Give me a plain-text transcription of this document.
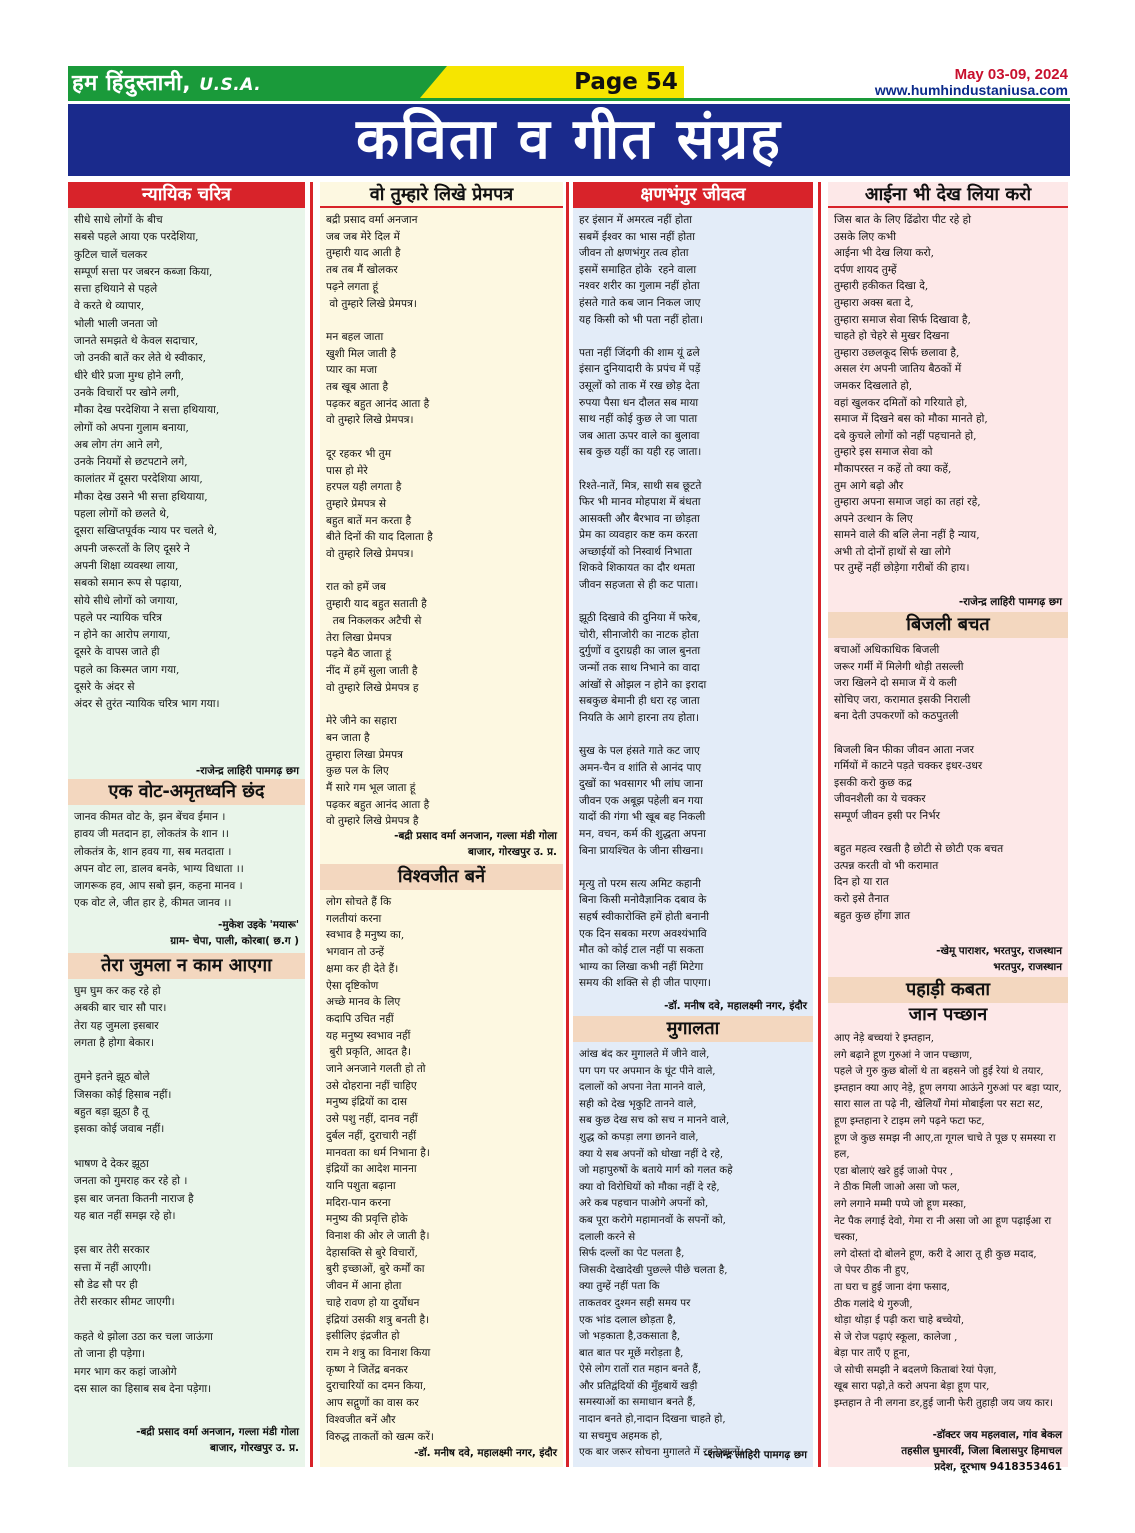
हम हिंदुस्तानी, U.S.A.	Page 54	May 03-09, 2024
www.humhindustaniusa.com
कविता व गीत संग्रह
न्यायिक चरित्र
सीधे साधे लोगों के बीच
सबसे पहले आया एक परदेशिया,
कुटिल चालें चलकर
सम्पूर्ण सत्ता पर जबरन कब्जा किया,
सत्ता हथियाने से पहले
वे करते थे व्यापार,
भोली भाली जनता जो
जानते समझते थे केवल सदाचार,
जो उनकी बातें कर लेते थे स्वीकार,
धीरे धीरे प्रजा मुग्ध होने लगी,
उनके विचारों पर खोने लगी,
मौका देख परदेशिया ने सत्ता हथियाया,
लोगों को अपना गुलाम बनाया,
अब लोग तंग आने लगे,
उनके नियमों से छटपटाने लगे,
कालांतर में दूसरा परदेशिया आया,
मौका देख उसने भी सत्ता हथियाया,
पहला लोगों को छलते थे,
दूसरा सखिप्तपूर्वक न्याय पर चलते थे,
अपनी जरूरतों के लिए दूसरे ने
अपनी शिक्षा व्यवस्था लाया,
सबको समान रूप से पढ़ाया,
सोये सीधे लोगों को जगाया,
पहले पर न्यायिक चरित्र
न होने का आरोप लगाया,
दूसरे के वापस जाते ही
पहले का किस्मत जाग गया,
दूसरे के अंदर से
अंदर से तुरंत न्यायिक चरित्र भाग गया।
-राजेन्द्र लाहिरी पामगढ़ छग
एक वोट-अमृतध्वनि छंद
जानव कीमत वोट के, झन बेंचव ईमान ।
हावय जी मतदान हा, लोकतंत्र के शान ।।
लोकतंत्र के, शान हवय गा, सब मतदाता ।
अपन वोट ला, डालव बनके, भाग्य विधाता ।।
जागरूक हव, आप सबो झन, कहना मानव ।
एक वोट ले, जीत हार हे, कीमत जानव ।।
-मुकेश उइके 'मयारू'
ग्राम- चेपा, पाली, कोरबा( छ.ग )
तेरा जुमला न काम आएगा
घुम घुम कर कह रहे हो
अबकी बार चार सौ पार।
तेरा यह जुमला इसबार
लगता है होगा बेकार।

तुमने इतने झूठ बोले
जिसका कोई हिसाब नहीं।
बहुत बड़ा झूठा है तू
इसका कोई जवाब नहीं।

भाषण दे देकर झूठा
जनता को गुमराह कर रहे हो ।
इस बार जनता कितनी नाराज है
यह बात नहीं समझ रहे हो।

इस बार तेरी सरकार
सत्ता में नहीं आएगी।
सौ डेढ सौ पर ही
तेरी सरकार सीमट जाएगी।

कहते थे झोला उठा कर चला जाऊंगा
तो जाना ही पड़ेगा।
मगर भाग कर कहां जाओगे
दस साल का हिसाब सब देना पड़ेगा।
-बद्री प्रसाद वर्मा अनजान, गल्ला मंडी गोला
बाजार, गोरखपुर उ. प्र.
वो तुम्हारे लिखे प्रेमपत्र
बद्री प्रसाद वर्मा अनजान
जब जब मेरे दिल में
तुम्हारी याद आती है
तब तब मैं खोलकर
पढ़ने लगता हूं
वो तुम्हारे लिखे प्रेमपत्र।

मन बहल जाता
खुशी मिल जाती है
प्यार का मजा
तब खूब आता है
पढ़कर बहुत आनंद आता है
वो तुम्हारे लिखे प्रेमपत्र।

दूर रहकर भी तुम
पास हो मेरे
हरपल यही लगता है
तुम्हारे प्रेमपत्र से
बहुत बातें मन करता है
बीते दिनों की याद दिलाता है
वो तुम्हारे लिखे प्रेमपत्र।

रात को हमें जब
तुम्हारी याद बहुत सताती है
तब निकलकर अटैची से
तेरा लिखा प्रेमपत्र
पढ़ने बैठ जाता हूं
नींद में हमें सुला जाती है
वो तुम्हारे लिखे प्रेमपत्र ह

मेरे जीने का सहारा
बन जाता है
तुम्हारा लिखा प्रेमपत्र
कुछ पल के लिए
मैं सारे गम भूल जाता हूं
पढ़कर बहुत आनंद आता है
वो तुम्हारे लिखे प्रेमपत्र है
-बद्री प्रसाद वर्मा अनजान, गल्ला मंडी गोला
बाजार, गोरखपुर उ. प्र.
विश्वजीत बनें
लोग सोचते हैं कि
गलतीयां करना
स्वभाव है मनुष्य का,
भगवान तो उन्हें
क्षमा कर ही देते हैं।
ऐसा दृष्टिकोण
अच्छे मानव के लिए
कदापि उचित नहीं
यह मनुष्य स्वभाव नहीं
बुरी प्रकृति, आदत है।
जाने अनजाने गलती हो तो
उसे दोहराना नहीं चाहिए
मनुष्य इंद्रियों का दास
उसे पशु नहीं, दानव नहीं
दुर्बल नहीं, दुराचारी नहीं
मानवता का धर्म निभाना है।
इंद्रियों का आदेश मानना
यानि पशुता बढ़ाना
मदिरा-पान करना
मनुष्य की प्रवृत्ति होके
विनाश की ओर ले जाती है।
देहासक्ति से बुरे विचारों,
बुरी इच्छाओं, बुरे कर्मों का
जीवन में आना होता
चाहे रावण हो या दुर्योधन
इंद्रियां उसकी शत्रु बनती है।
इसीलिए इंद्रजीत हो
राम ने शत्रु का विनाश किया
कृष्ण ने जितेंद्र बनकर
दुराचारियों का दमन किया,
आप सद्गुणों का वास कर
विश्वजीत बनें और
विरुद्ध ताकतों को खत्म करें।
-डॉ. मनीष दवे, महालक्ष्मी नगर, इंदौर
क्षणभंगुर जीवत्व
हर इंसान में अमरत्व नहीं होता
सबमें ईश्वर का भास नहीं होता
जीवन तो क्षणभंगुर तत्व होता
इसमें समाहित होके  रहने वाला
नश्वर शरीर का गुलाम नहीं होता
हंसते गाते कब जान निकल जाए
यह किसी को भी पता नहीं होता।

पता नहीं जिंदगी की शाम यूं ढले
इंसान दुनियादारी के प्रपंच में पड़ें
उसूलों को ताक में रख छोड़ देता
रुपया पैसा धन दौलत सब माया
साथ नहीं कोई कुछ ले जा पाता
जब आता ऊपर वाले का बुलावा
सब कुछ यहीं का यही रह जाता।

रिश्ते-नातें, मित्र, साथी सब छूटते
फिर भी मानव मोहपाश में बंधता
आसक्ती और बैरभाव ना छोड़ता
प्रेम का व्यवहार कष्ट कम करता
अच्छाईयों को निस्वार्थ निभाता
शिकवे शिकायत का दौर थमता
जीवन सहजता से ही कट पाता।

झूठी दिखावे की दुनिया में फरेब,
चोरी, सीनाजोरी का नाटक होता
दुर्गुणों व दुराग्रही का जाल बुनता
जन्मों तक साथ निभाने का वादा
आंखों से ओझल न होने का इरादा
सबकुछ बेमानी ही धरा रह जाता
नियति के आगे हारना तय होता।

सुख के पल हंसते गाते कट जाए
अमन-चैन व शांति से आनंद पाए
दुखों का भवसागर भी लांघ जाना
जीवन एक अबूझ पहेली बन गया
यादों की गंगा भी खूब बह निकली
मन, वचन, कर्म की शुद्धता अपना
बिना प्रायश्चित के जीना सीखना।

मृत्यु तो परम सत्य अमिट कहानी
बिना किसी मनोवैज्ञानिक दबाव के
सहर्ष स्वीकारोक्ति हमें होती बनानी
एक दिन सबका मरण अवश्यंभावि
मौत को कोई टाल नहीं पा सकता
भाग्य का लिखा कभी नहीं मिटेगा
समय की शक्ति से ही जीत पाएगा।
-डॉ. मनीष दवे, महालक्ष्मी नगर, इंदौर
मुगालता
आंख बंद कर मुगालते में जीने वाले,
पग पग पर अपमान के घूंट पीने वाले,
दलालों को अपना नेता मानने वाले,
सही को देख भृकुटि तानने वाले,
सब कुछ देख सच को सच न मानने वाले,
शुद्ध को कपड़ा लगा छानने वाले,
क्या ये सब अपनों को धोखा नहीं दे रहे,
जो महापुरुषों के बताये मार्ग को गलत कहे
क्या वो विरोधियों को मौका नहीं दे रहे,
अरे कब पहचान पाओगे अपनों को,
कब पूरा करोगे महामानवों के सपनों को,
दलाली करने से
सिर्फ दल्लों का पेट पलता है,
जिसकी देखादेखी पुछल्ले पीछे चलता है,
क्या तुम्हें नहीं पता कि
ताकतवर दुश्मन सही समय पर
एक भांड दलाल छोड़ता है,
जो भड़काता है,उकसाता है,
बात बात पर मूछें मरोड़ता है,
ऐसे लोग रातों रात महान बनते हैं,
और प्रतिद्वंदियों की मुँहबायें खड़ी
समस्याओं का समाधान बनते हैं,
नादान बनते हो,नादान दिखना चाहते हो,
या सचमुच अहमक हो,
एक बार जरूर सोचना मुगालते में रहने वालों।
-राजेन्द्र लाहिरी पामगढ़ छग
आईना भी देख लिया करो
जिस बात के लिए ढिंढोरा पीट रहे हो
उसके लिए कभी
आईना भी देख लिया करो,
दर्पण शायद तुम्हें
तुम्हारी हकीकत दिखा दे,
तुम्हारा अक्स बता दे,
तुम्हारा समाज सेवा सिर्फ दिखावा है,
चाहते हो चेहरे से मुखर दिखना
तुम्हारा उछलकूद सिर्फ छलावा है,
असल रंग अपनी जातिय बैठकों में
जमकर दिखलाते हो,
वहां खुलकर दमितों को गरियाते हो,
समाज में दिखने बस को मौका मानते हो,
दबे कुचले लोगों को नहीं पहचानते हो,
तुम्हारे इस समाज सेवा को
मौकापरस्त न कहें तो क्या कहें,
तुम आगे बढ़ो और
तुम्हारा अपना समाज जहां का तहां रहे,
अपने उत्थान के लिए
सामने वाले की बलि लेना नहीं है न्याय,
अभी तो दोनों हाथों से खा लोगे
पर तुम्हें नहीं छोड़ेगा गरीबों की हाय।
-राजेन्द्र लाहिरी पामगढ़ छग
बिजली बचत
बचाओं अधिकाधिक बिजली
जरूर गर्मी में मिलेगी थोड़ी तसल्ली
जरा खिलने दो समाज में ये कली
सोचिए जरा, करामात इसकी निराली
बना देती उपकरणों को कठपुतली

बिजली बिन फीका जीवन आता नजर
गर्मियों में काटने पड़ते चक्कर इधर-उधर
इसकी करो कुछ कद्र
जीवनशैली का ये चक्कर
सम्पूर्ण जीवन इसी पर निर्भर

बहुत महत्व रखती है छोटी से छोटी एक बचत
उत्पन्न करती वो भी करामात
दिन हो या रात
करो इसे तैनात
बहुत कुछ होंगा ज्ञात
-खेमू पाराशर, भरतपुर, राजस्थान
भरतपुर, राजस्थान
पहाड़ी कबता
जान पच्छान
आए नेड़े बच्चयां रे इम्तहान,
लगे बढ़ाने हूण गुरुआं ने जान पच्छाण,
पहले जे गुरु कुछ बोलों थे ता बहसने जो हुई रेयां थे तयार,
इम्तहान क्या आए नेड़े, हूण लगया आऊंने गुरुआं पर बड़ा प्यार,
सारा साल ता पढ़े नी, खेलियाँ गेमां मोबाईला पर सटा सट,
हूण इम्तहाना रे टाइम लगे पढ़ने फटा फट,
हूण जे कुछ समझ नी आए,ता गूगल चाचे ते पूछ ए समस्या रा हल,
एडा बोलाएं खरे हुई जाओ पेपर ,
ने ठीक मिली जाओ असा जो फल,
लगे लगाने मम्मी पप्पे जो हूण मस्का,
नेट पैक लगाई देवो, गेमा रा नी असा जो आ हूण पढ़ाईआ रा चस्का,
लगे दोस्तां दो बोलने हूण, करी दे आरा तू ही कुछ मदाद,
जे पेपर ठीक नी हुए,
ता घरा च हुई जाना दंगा फसाद,
ठीक गलांदे थे गुरुजी,
थोड़ा थोड़ा ई पढ़ी करा चाहे बच्चेयो,
से जे रोज पढ़ाएं स्कूला, कालेजा ,
बेड़ा पार ताएँ ए हूना,
जे सोची समझी ने बदलणे किताबां रेयां पेज़ा,
खूब सारा पढ़ो,ते करो अपना बेड़ा हूण पार,
इम्तहान ते नी लगना डर,हुई जानी फेरी तुहाड़ी जय जय कार।
-डॉक्टर जय महलवाल, गांव बेकल
तहसील घुमारवीं, जिला बिलासपुर हिमाचल
प्रदेश, दूरभाष 9418353461
